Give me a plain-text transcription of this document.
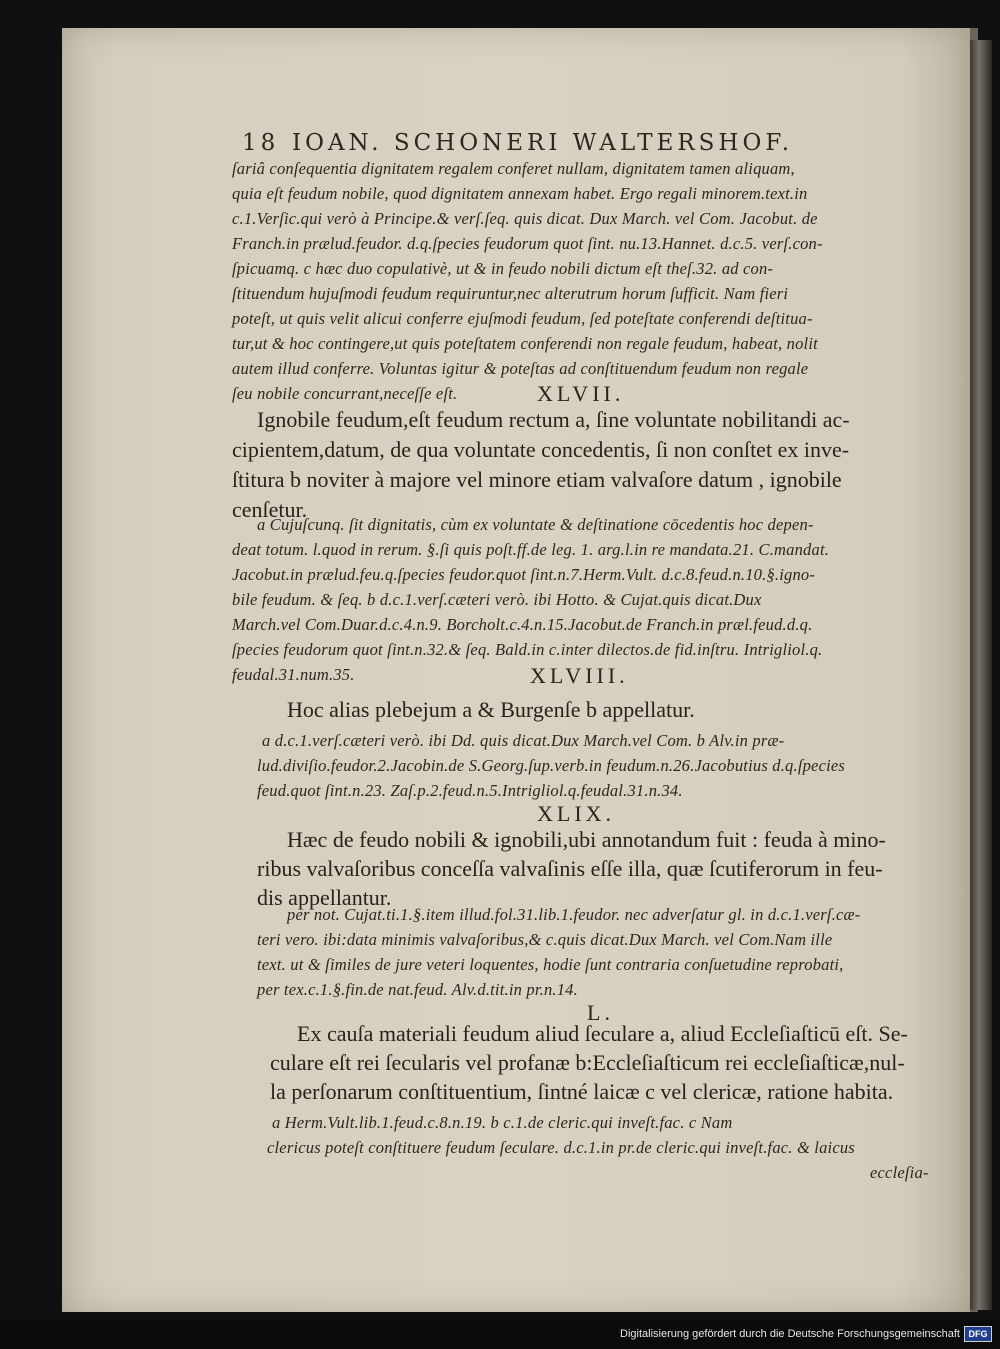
18 IOAN. SCHONERI WALTERSHOF.
ſariâ conſequentia dignitatem regalem conferet nullam, dignitatem tamen aliquam,
quia eſt feudum nobile, quod dignitatem annexam habet. Ergo regali minorem.text.in
c.1.Verſic.qui verò à Principe.& verſ.ſeq. quis dicat. Dux March. vel Com. Jacobut. de
Franch.in prælud.feudor. d.q.ſpecies feudorum quot ſint. nu.13.Hannet. d.c.5. verſ.con-
ſpicuamq. c hæc duo copulativè, ut & in feudo nobili dictum eſt theſ.32. ad con-
ſtituendum hujuſmodi feudum requiruntur,nec alterutrum horum ſufficit. Nam fieri
poteſt, ut quis velit alicui conferre ejuſmodi feudum, ſed poteſtate conferendi deſtitua-
tur,ut & hoc contingere,ut quis poteſtatem conferendi non regale feudum, habeat, nolit
autem illud conferre. Voluntas igitur & poteſtas ad conſtituendum feudum non regale
ſeu nobile concurrant,neceſſe eſt.	XLVII.
Ignobile feudum,eſt feudum rectum a, ſine voluntate nobilitandi ac-
cipientem,datum, de qua voluntate concedentis, ſi non conſtet ex inve-
ſtitura b noviter à majore vel minore etiam valvaſore datum , ignobile
cenſetur.
a Cujuſcunq. ſit dignitatis, cùm ex voluntate & deſtinatione cōcedentis hoc depen-
deat totum. l.quod in rerum. §.ſi quis poſt.ff.de leg. 1. arg.l.in re mandata.21. C.mandat.
Jacobut.in prælud.feu.q.ſpecies feudor.quot ſint.n.7.Herm.Vult. d.c.8.feud.n.10.§.igno-
bile feudum. & ſeq. b d.c.1.verſ.cæteri verò. ibi Hotto. & Cujat.quis dicat.Dux
March.vel Com.Duar.d.c.4.n.9. Borcholt.c.4.n.15.Jacobut.de Franch.in præl.feud.d.q.
ſpecies feudorum quot ſint.n.32.& ſeq. Bald.in c.inter dilectos.de fid.inſtru. Intrigliol.q.
feudal.31.num.35.	XLVIII.
Hoc alias plebejum a & Burgenſe b appellatur.
a d.c.1.verſ.cæteri verò. ibi Dd. quis dicat.Dux March.vel Com. b Alv.in præ-
lud.diviſio.feudor.2.Jacobin.de S.Georg.ſup.verb.in feudum.n.26.Jacobutius d.q.ſpecies
feud.quot ſint.n.23. Zaſ.p.2.feud.n.5.Intrigliol.q.feudal.31.n.34.
XLIX.
Hæc de feudo nobili & ignobili,ubi annotandum fuit : feuda à mino-
ribus valvaſoribus conceſſa valvaſinis eſſe illa, quæ ſcutiferorum in feu-
dis appellantur.
per not. Cujat.ti.1.§.item illud.fol.31.lib.1.feudor. nec adverſatur gl. in d.c.1.verſ.cæ-
teri vero. ibi:data minimis valvaſoribus,& c.quis dicat.Dux March. vel Com.Nam ille
text. ut & ſimiles de jure veteri loquentes, hodie ſunt contraria conſuetudine reprobati,
per tex.c.1.§.fin.de nat.feud. Alv.d.tit.in pr.n.14.
L.
Ex cauſa materiali feudum aliud ſeculare a, aliud Eccleſiaſticū eſt. Se-
culare eſt rei ſecularis vel profanæ b:Eccleſiaſticum rei eccleſiaſticæ,nul-
la perſonarum conſtituentium, ſintné laicæ c vel clericæ, ratione habita.
a Herm.Vult.lib.1.feud.c.8.n.19. b c.1.de cleric.qui inveſt.fac. c Nam
clericus poteſt conſtituere feudum ſeculare. d.c.1.in pr.de cleric.qui inveſt.fac. & laicus
eccleſia-
Digitalisierung gefördert durch die Deutsche Forschungsgemeinschaft DFG
